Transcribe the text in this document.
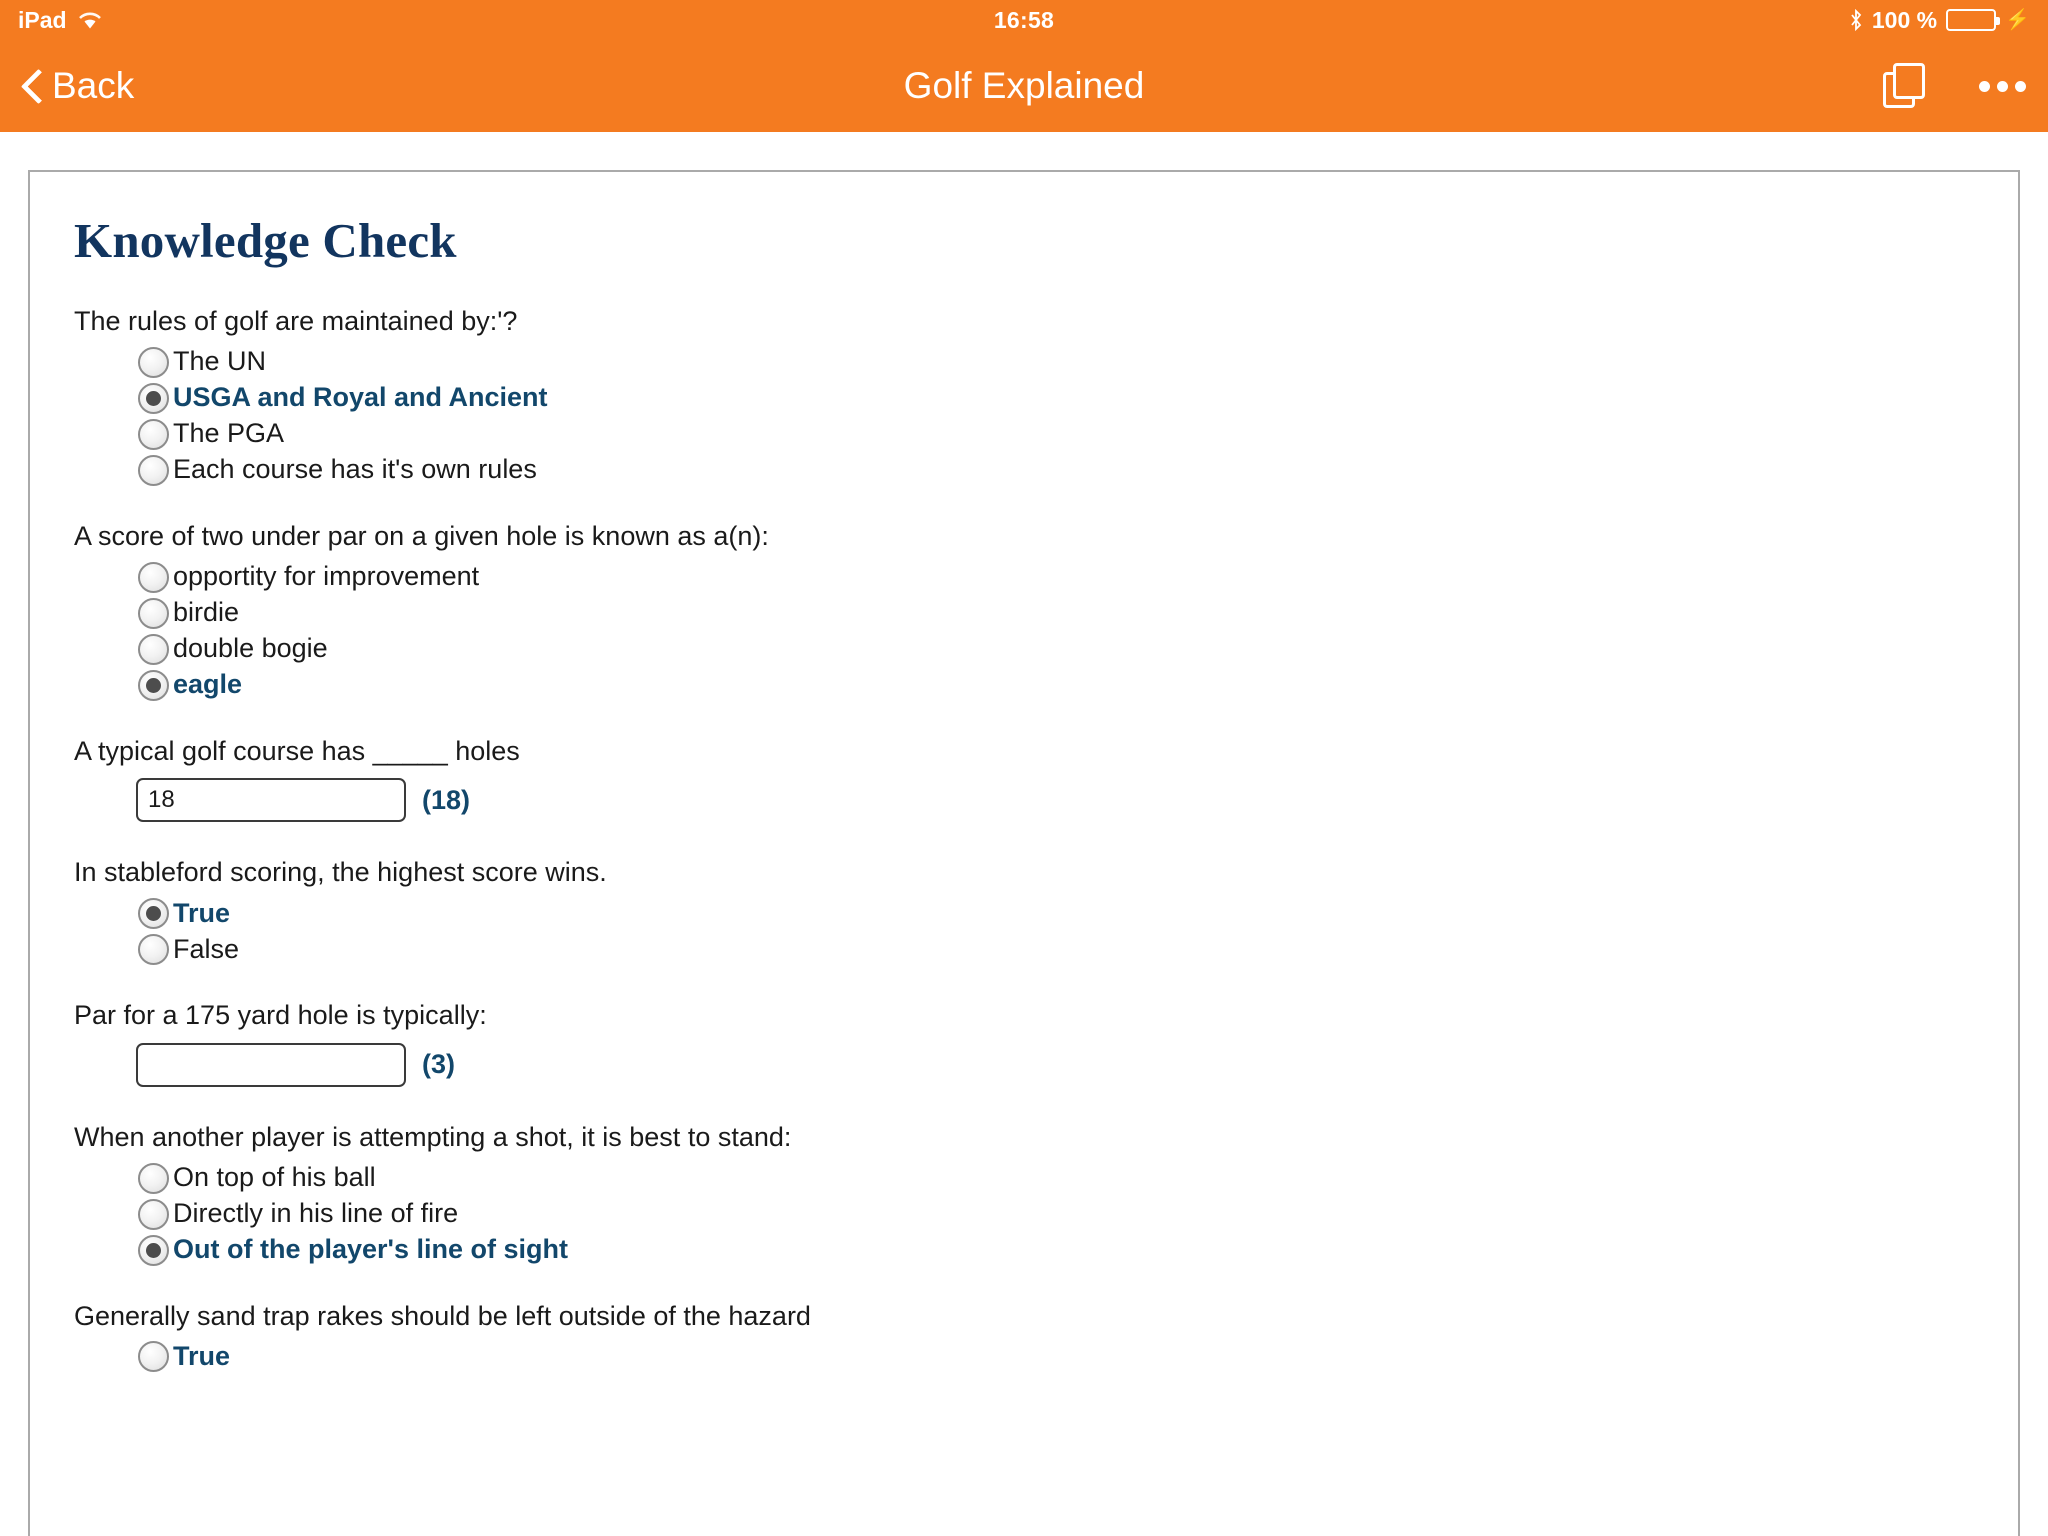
iPad	16:58	100 %	⚡
Back	Golf Explained
Knowledge Check
The rules of golf are maintained by:'?
The UN
USGA and Royal and Ancient
The PGA
Each course has it's own rules
A score of two under par on a given hole is known as a(n):
opportity for improvement
birdie
double bogie
eagle
A typical golf course has _____ holes
18
(18)
In stableford scoring, the highest score wins.
True
False
Par for a 175 yard hole is typically:
(3)
When another player is attempting a shot, it is best to stand:
On top of his ball
Directly in his line of fire
Out of the player's line of sight
Generally sand trap rakes should be left outside of the hazard
True
